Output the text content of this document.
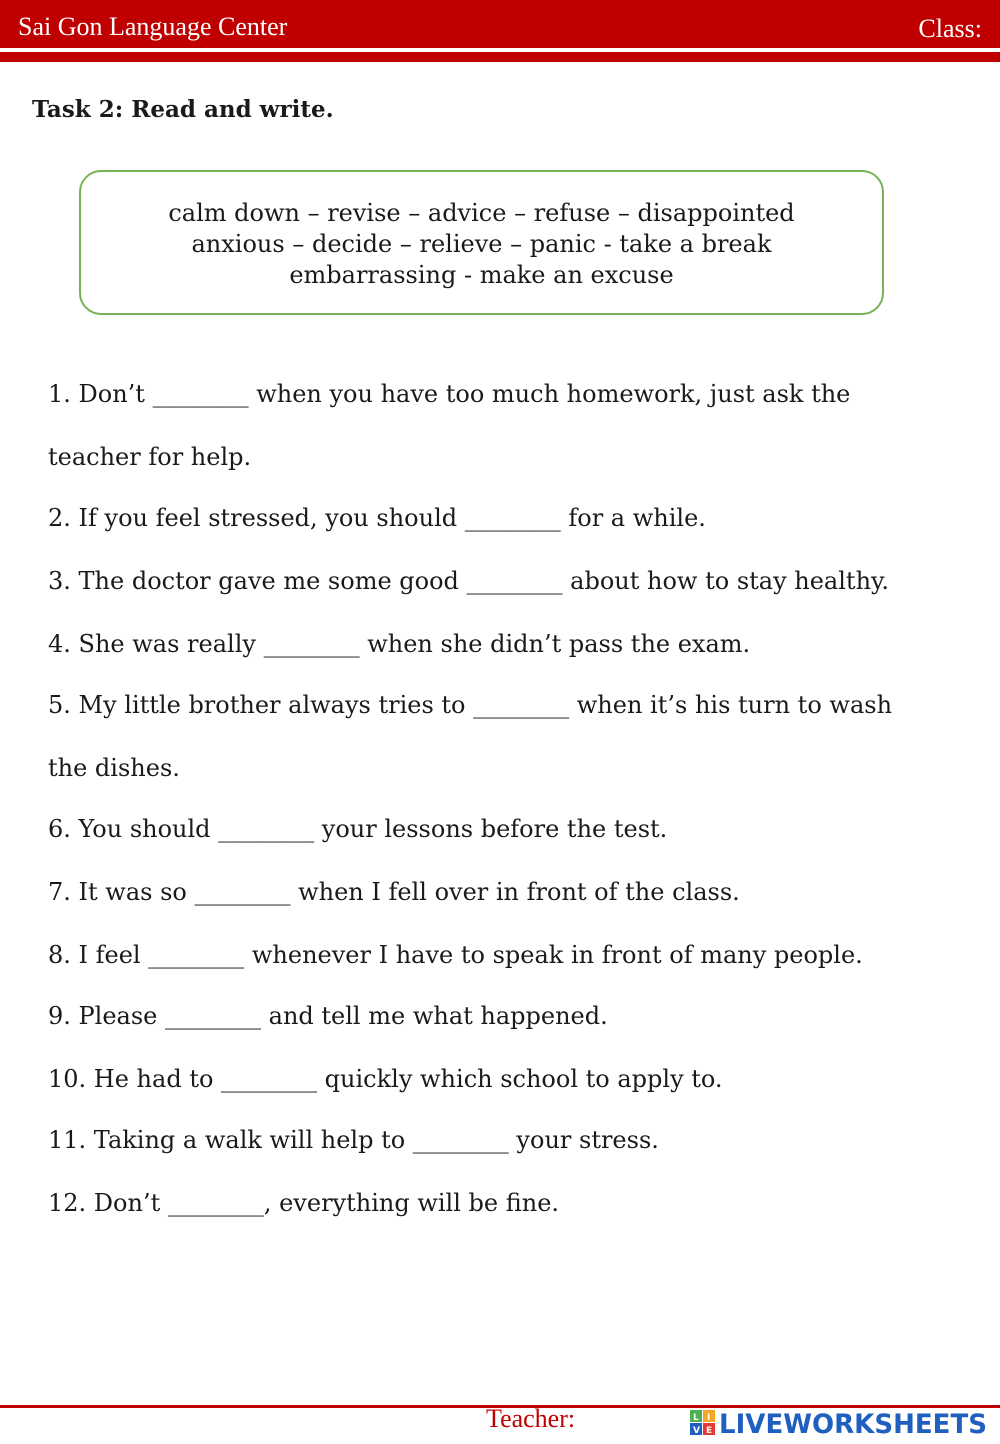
Sai Gon Language Center	Class:
Task 2: Read and write.
calm down – revise – advice – refuse – disappointed
anxious – decide – relieve – panic - take a break
embarrassing - make an excuse
1. Don’t ________ when you have too much homework, just ask the
teacher for help.
2. If you feel stressed, you should ________ for a while.
3. The doctor gave me some good ________ about how to stay healthy.
4. She was really ________ when she didn’t pass the exam.
5. My little brother always tries to ________ when it’s his turn to wash
the dishes.
6. You should ________ your lessons before the test.
7. It was so ________ when I fell over in front of the class.
8. I feel ________ whenever I have to speak in front of many people.
9. Please ________ and tell me what happened.
10. He had to ________ quickly which school to apply to.
11. Taking a walk will help to ________ your stress.
12. Don’t ________, everything will be fine.
Teacher:	L I
V E LIVEWORKSHEETS
